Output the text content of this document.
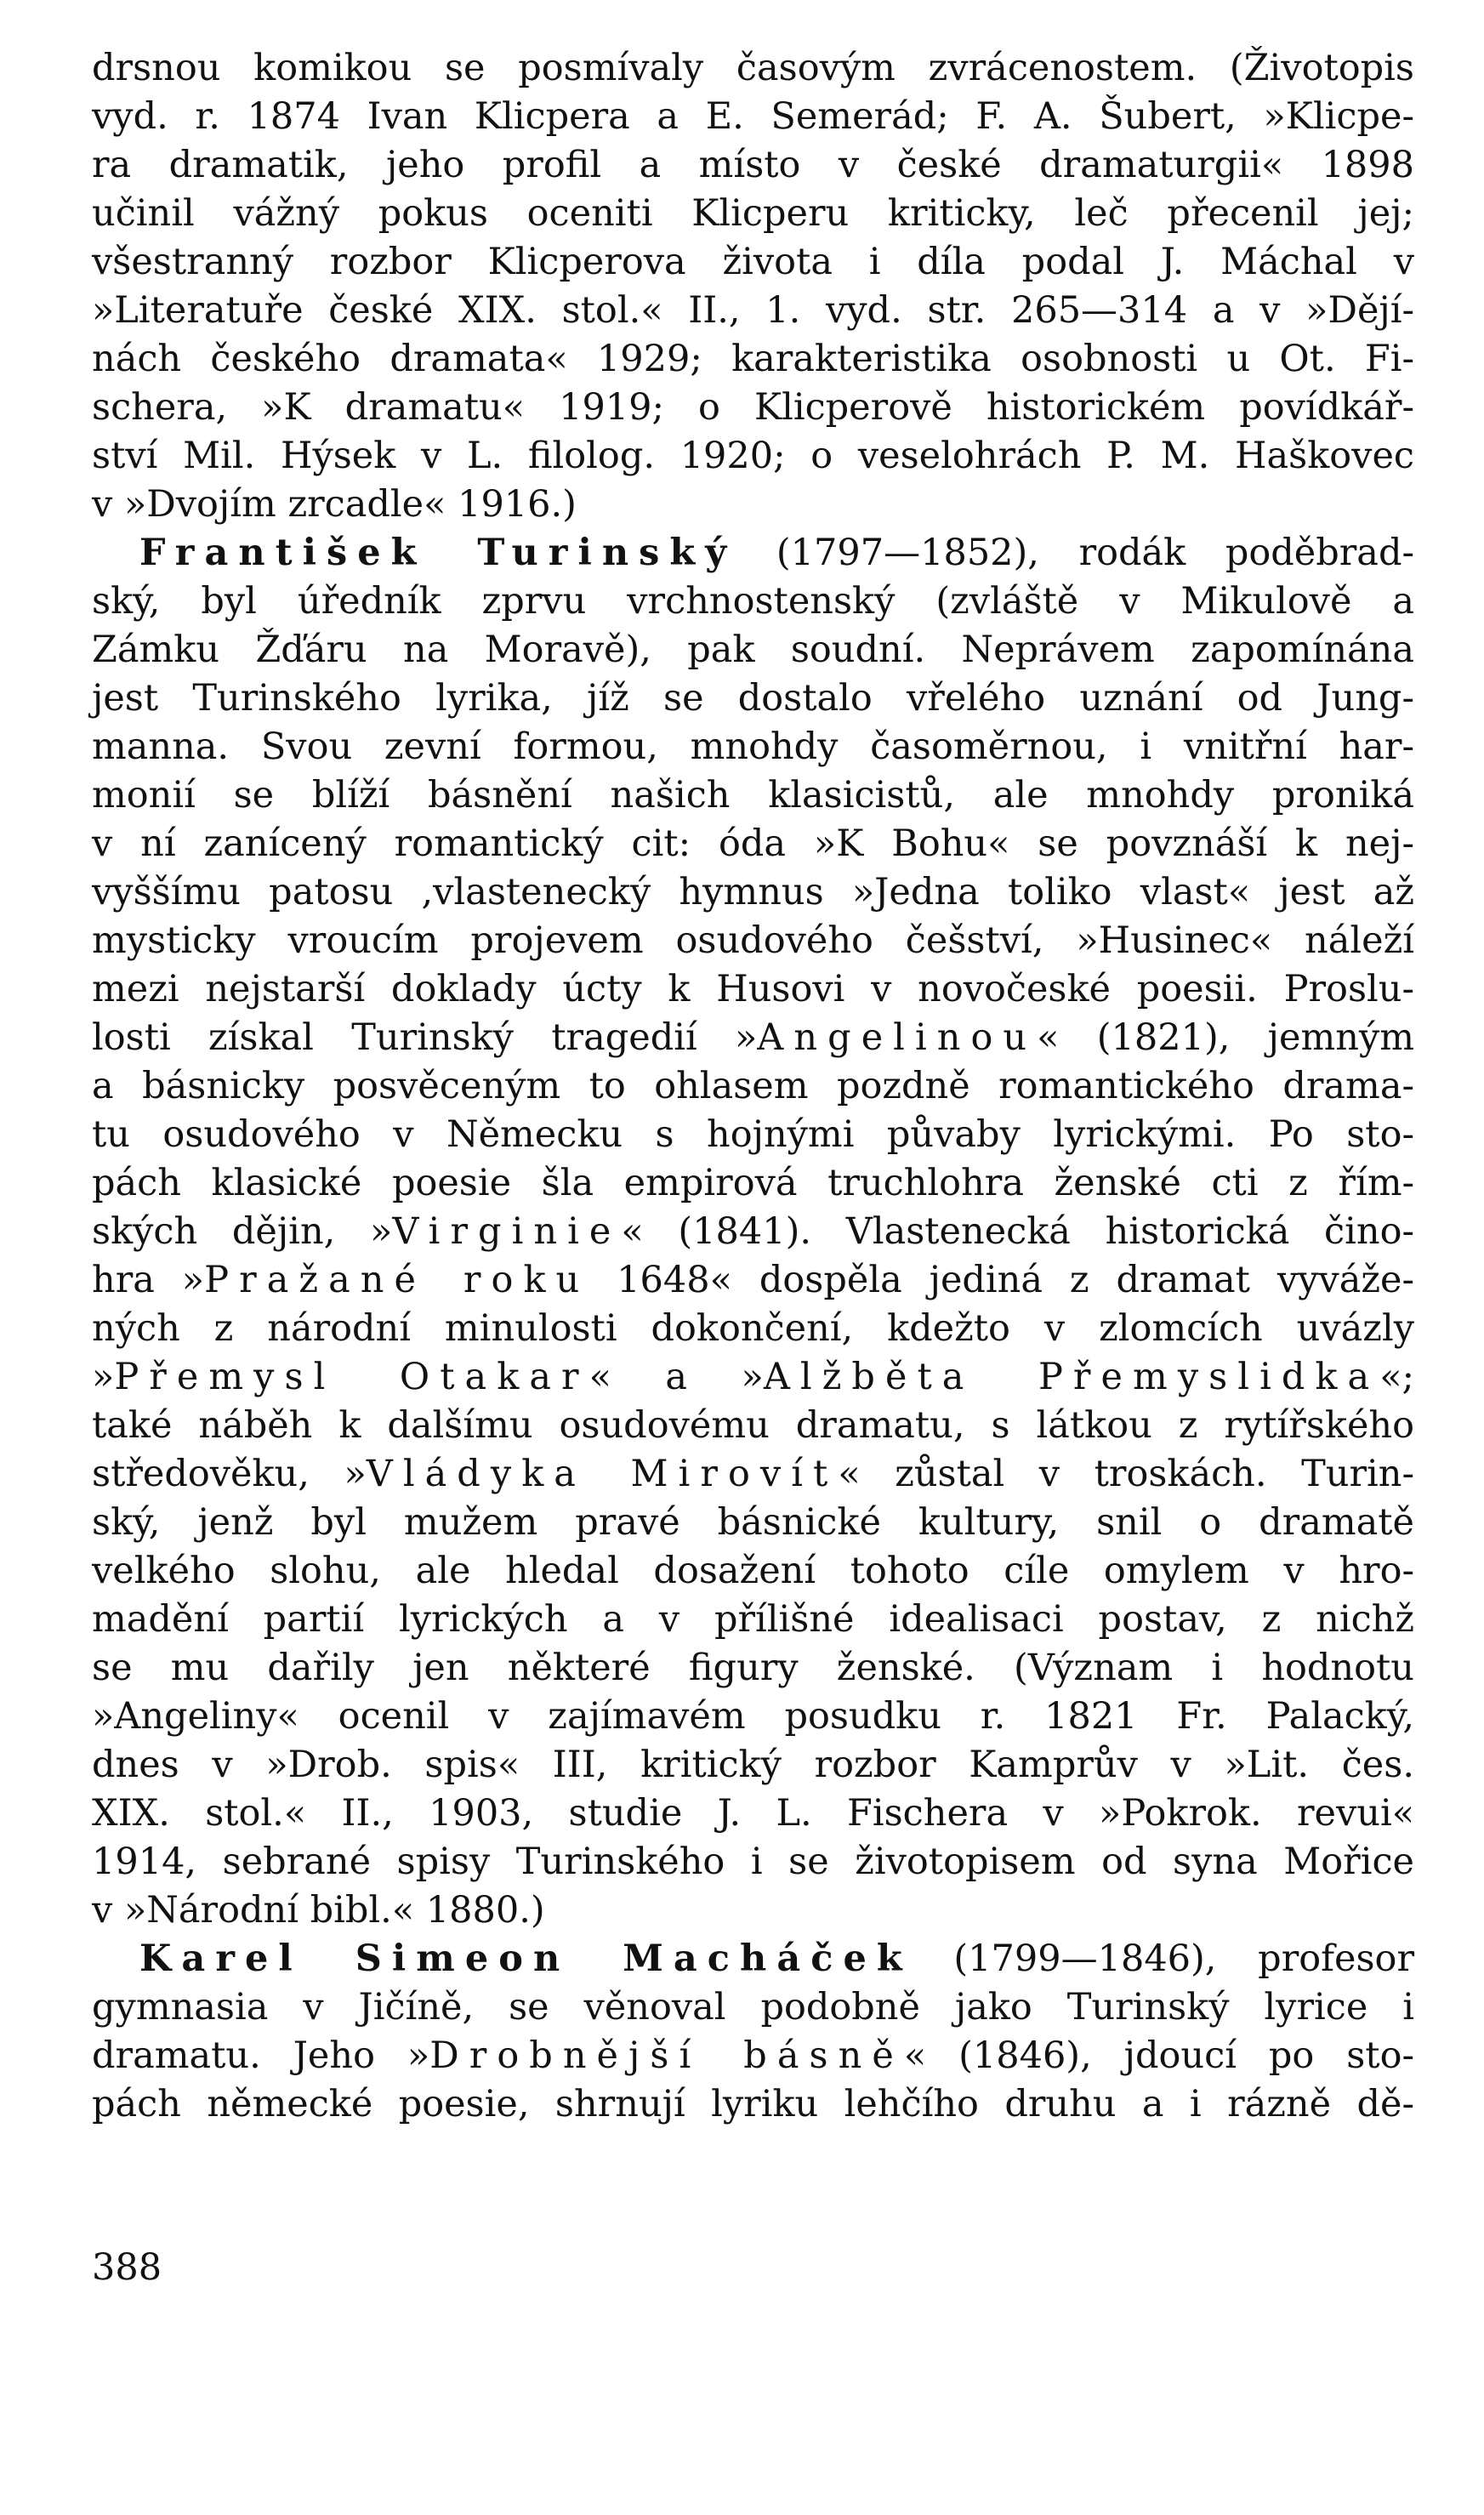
drsnou komikou se posmívaly časovým zvrácenostem. (Životopis
vyd. r. 1874 Ivan Klicpera a E. Semerád; F. A. Šubert, »Klicpe-
ra dramatik, jeho profil a místo v české dramaturgii« 1898
učinil vážný pokus oceniti Klicperu kriticky, leč přecenil jej;
všestranný rozbor Klicperova života i díla podal J. Máchal v
»Literatuře české XIX. stol.« II., 1. vyd. str. 265—314 a v »Dějí-
nách českého dramata« 1929; karakteristika osobnosti u Ot. Fi-
schera, »K dramatu« 1919; o Klicperově historickém povídkář-
ství Mil. Hýsek v L. filolog. 1920; o veselohrách P. M. Haškovec
v »Dvojím zrcadle« 1916.)
František Turinský (1797—1852), rodák poděbrad-
ský, byl úředník zprvu vrchnostenský (zvláště v Mikulově a
Zámku Žďáru na Moravě), pak soudní. Neprávem zapomínána
jest Turinského lyrika, jíž se dostalo vřelého uznání od Jung-
manna. Svou zevní formou, mnohdy časoměrnou, i vnitřní har-
monií se blíží básnění našich klasicistů, ale mnohdy proniká
v ní zanícený romantický cit: óda »K Bohu« se povznáší k nej-
vyššímu patosu ,vlastenecký hymnus »Jedna toliko vlast« jest až
mysticky vroucím projevem osudového češství, »Husinec« náleží
mezi nejstarší doklady úcty k Husovi v novočeské poesii. Proslu-
losti získal Turinský tragedií »Angelinou« (1821), jemným
a básnicky posvěceným to ohlasem pozdně romantického drama-
tu osudového v Německu s hojnými půvaby lyrickými. Po sto-
pách klasické poesie šla empirová truchlohra ženské cti z řím-
ských dějin, »Virginie« (1841). Vlastenecká historická čino-
hra »Pražané roku 1648« dospěla jediná z dramat vyváže-
ných z národní minulosti dokončení, kdežto v zlomcích uvázly
»Přemysl Otakar« a »Alžběta Přemyslidka«;
také náběh k dalšímu osudovému dramatu, s látkou z rytířského
středověku, »Vládyka Mirovít« zůstal v troskách. Turin-
ský, jenž byl mužem pravé básnické kultury, snil o dramatě
velkého slohu, ale hledal dosažení tohoto cíle omylem v hro-
madění partií lyrických a v přílišné idealisaci postav, z nichž
se mu dařily jen některé figury ženské. (Význam i hodnotu
»Angeliny« ocenil v zajímavém posudku r. 1821 Fr. Palacký,
dnes v »Drob. spis« III, kritický rozbor Kamprův v »Lit. čes.
XIX. stol.« II., 1903, studie J. L. Fischera v »Pokrok. revui«
1914, sebrané spisy Turinského i se životopisem od syna Mořice
v »Národní bibl.« 1880.)
Karel Simeon Macháček (1799—1846), profesor
gymnasia v Jičíně, se věnoval podobně jako Turinský lyrice i
dramatu. Jeho »Drobnější básně« (1846), jdoucí po sto-
pách německé poesie, shrnují lyriku lehčího druhu a i rázně dě-
388
